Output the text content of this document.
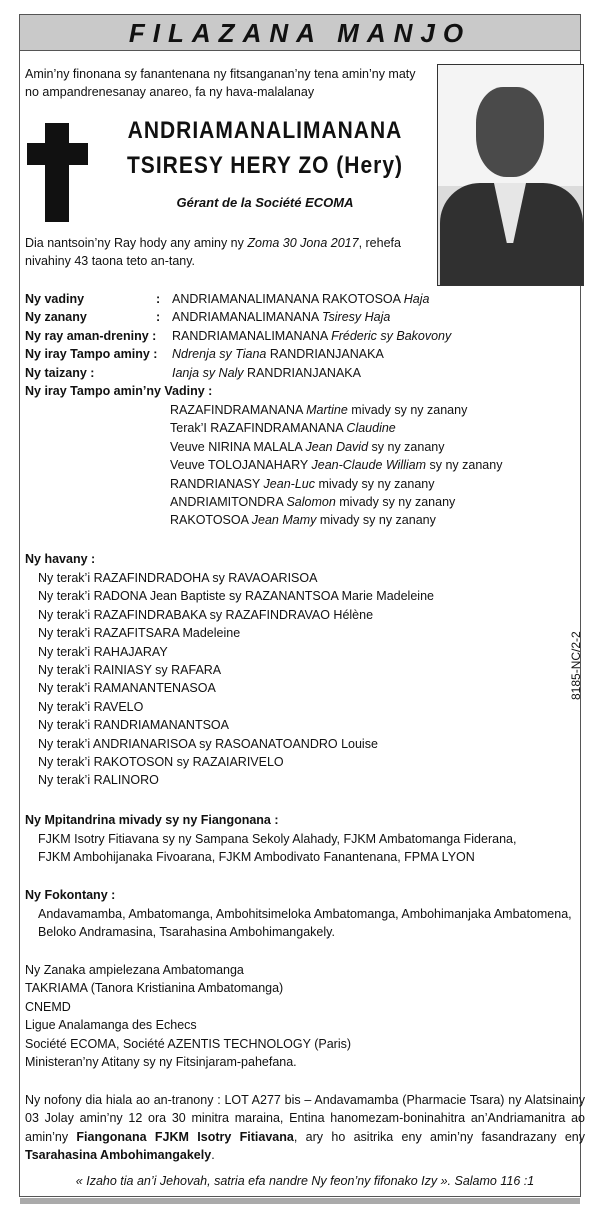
FILAZANA MANJO
Amin’ny finonana sy fanantenana ny fitsanganan’ny tena amin’ny maty no ampandrenesanay anareo, fa ny hava-malalanay
ANDRIAMANALIMANANA
TSIRESY HERY ZO (Hery)
Gérant de la Société ECOMA
Dia nantsoin’ny Ray hody any aminy ny Zoma 30 Jona 2017, rehefa nivahiny 43 taona teto an-tany.
Ny vadiny	: ANDRIAMANALIMANANA RAKOTOSOA Haja
Ny zanany	: ANDRIAMANALIMANANA Tsiresy Haja
Ny ray aman-dreniny : RANDRIAMANALIMANANA Fréderic sy Bakovony
Ny iray Tampo aminy : Ndrenja sy Tiana RANDRIANJANAKA
Ny taizany :	Ianja sy Naly RANDRIANJANAKA
Ny iray Tampo amin’ny Vadiny :
RAZAFINDRAMANANA Martine mivady sy ny zanany
Terak’I RAZAFINDRAMANANA Claudine
Veuve NIRINA MALALA Jean David sy ny zanany
Veuve TOLOJANAHARY Jean-Claude William sy ny zanany
RANDRIANASY Jean-Luc mivady sy ny zanany
ANDRIAMITONDRA Salomon mivady sy ny zanany
RAKOTOSOA Jean Mamy mivady sy ny zanany
Ny havany :
Ny terak’i RAZAFINDRADOHA sy RAVAOARISOA
Ny terak’i RADONA Jean Baptiste sy RAZANANTSOA Marie Madeleine
Ny terak’i RAZAFINDRABAKA sy RAZAFINDRAVAO Hélène
Ny terak’i RAZAFITSARA Madeleine
Ny terak’i RAHAJARAY
Ny terak’i RAINIASY sy RAFARA
Ny terak’i RAMANANTENASOA
Ny terak’i RAVELO
Ny terak’i RANDRIAMANANTSOA
Ny terak’i ANDRIANARISOA sy RASOANATOANDRO Louise
Ny terak’i RAKOTOSON sy RAZAIARIVELO
Ny terak’i RALINORO
8185-NC/2-2
Ny Mpitandrina mivady sy ny Fiangonana :
FJKM Isotry Fitiavana sy ny Sampana Sekoly Alahady, FJKM Ambatomanga Fiderana,
FJKM Ambohijanaka Fivoarana, FJKM Ambodivato Fanantenana, FPMA LYON
Ny Fokontany :
Andavamamba, Ambatomanga, Ambohitsimeloka Ambatomanga, Ambohimanjaka Ambatomena,
Beloko Andramasina, Tsarahasina Ambohimangakely.
Ny Zanaka ampielezana Ambatomanga
TAKRIAMA (Tanora Kristianina Ambatomanga)
CNEMD
Ligue Analamanga des Echecs
Société ECOMA, Société AZENTIS TECHNOLOGY (Paris)
Ministeran’ny Atitany sy ny Fitsinjaram-pahefana.
Ny nofony dia hiala ao an-tranony : LOT A277 bis – Andavamamba (Pharmacie Tsara) ny Alatsinainy 03 Jolay amin’ny 12 ora 30 minitra maraina, Entina hanomezam-boninahitra an’Andriamanitra ao amin’ny Fiangonana FJKM Isotry Fitiavana, ary ho asitrika eny amin’ny fasandrazany eny Tsarahasina Ambohimangakely.
« Izaho tia an’i Jehovah, satria efa nandre Ny feon’ny fifonako Izy ». Salamo 116 :1
